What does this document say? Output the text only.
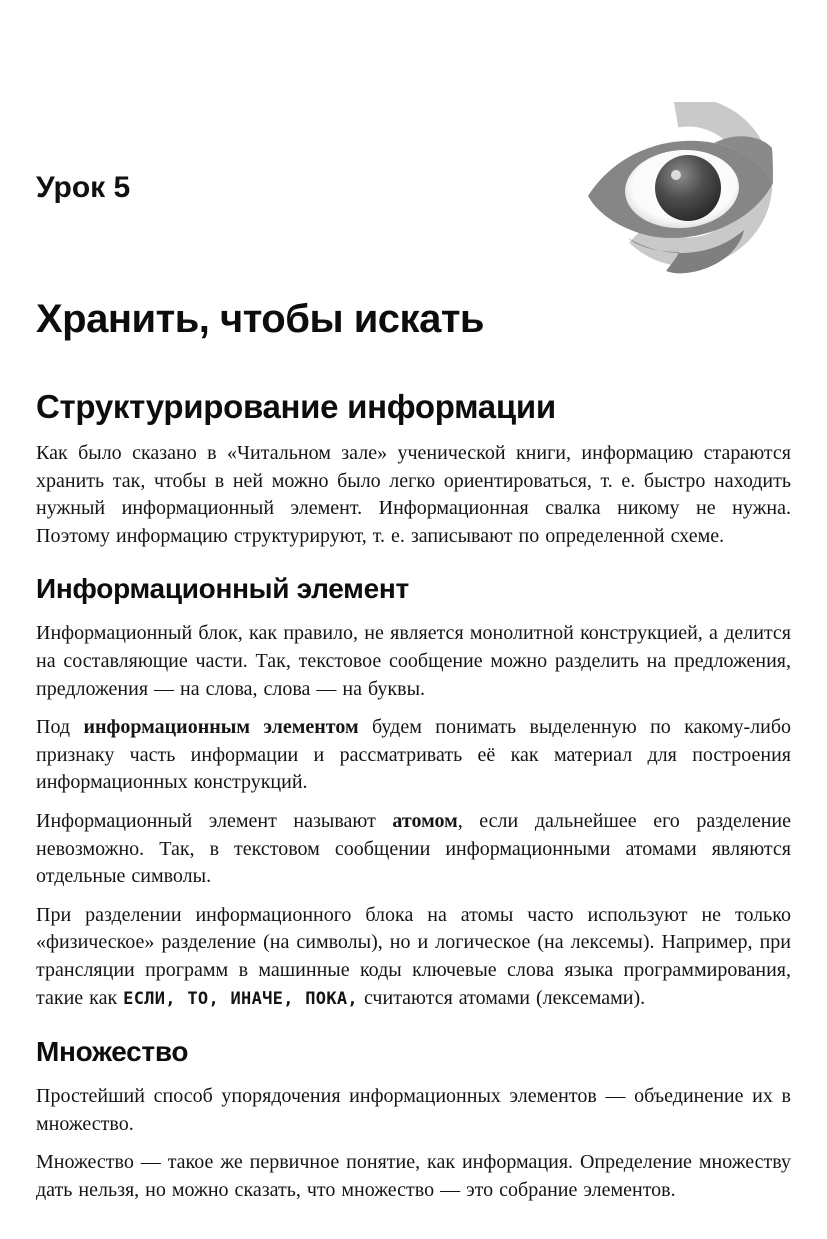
Урок 5
Хранить, чтобы искать
Структурирование информации

Как было сказано в «Читальном зале» ученической книги, информацию стараются хранить так, чтобы в ней можно было легко ориентироваться, т. е. быстро находить нужный информационный элемент. Информационная свалка никому не нужна. Поэтому информацию структурируют, т. е. записывают по определенной схеме.

Информационный элемент

Информационный блок, как правило, не является монолитной конструкцией, а делится на составляющие части. Так, текстовое сообщение можно разделить на предложения, предложения — на слова, слова — на буквы.

Под информационным элементом будем понимать выделенную по какому-либо признаку часть информации и рассматривать её как материал для построения информационных конструкций.

Информационный элемент называют атомом, если дальнейшее его разделение невозможно. Так, в текстовом сообщении информационными атомами являются отдельные символы.

При разделении информационного блока на атомы часто используют не только «физическое» разделение (на символы), но и логическое (на лексемы). Например, при трансляции программ в машинные коды ключевые слова языка программирования, такие как ЕСЛИ, ТО, ИНАЧЕ, ПОКА, считаются атомами (лексемами).

Множество

Простейший способ упорядочения информационных элементов — объединение их в множество.

Множество — такое же первичное понятие, как информация. Определение множеству дать нельзя, но можно сказать, что множество — это собрание элементов.
